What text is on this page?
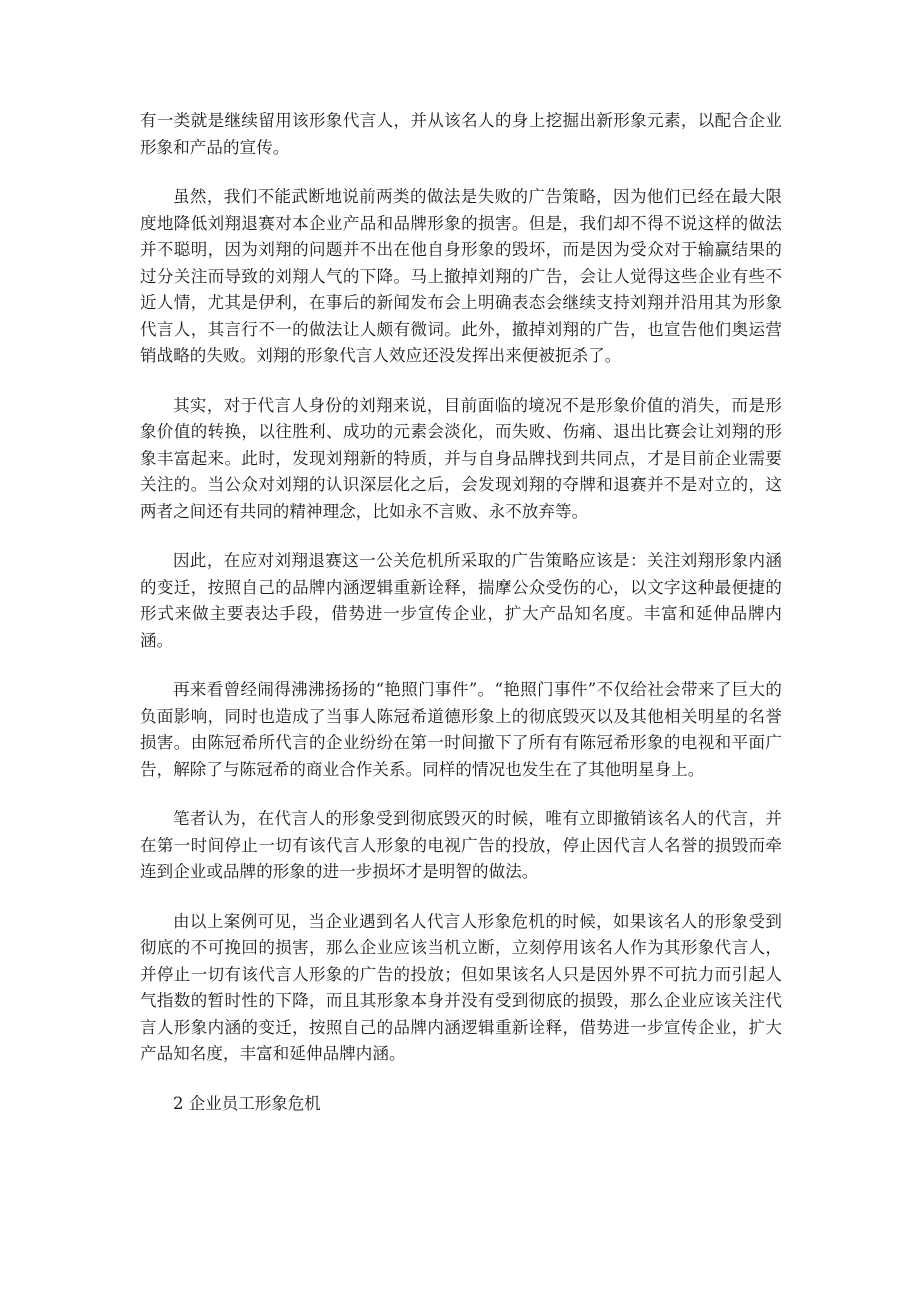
有一类就是继续留用该形象代言人，并从该名人的身上挖掘出新形象元素，以配合企业形象和产品的宣传。

虽然，我们不能武断地说前两类的做法是失败的广告策略，因为他们已经在最大限度地降低刘翔退赛对本企业产品和品牌形象的损害。但是，我们却不得不说这样的做法并不聪明，因为刘翔的问题并不出在他自身形象的毁坏，而是因为受众对于输赢结果的过分关注而导致的刘翔人气的下降。马上撤掉刘翔的广告，会让人觉得这些企业有些不近人情，尤其是伊利，在事后的新闻发布会上明确表态会继续支持刘翔并沿用其为形象代言人，其言行不一的做法让人颇有微词。此外，撤掉刘翔的广告，也宣告他们奥运营销战略的失败。刘翔的形象代言人效应还没发挥出来便被扼杀了。

其实，对于代言人身份的刘翔来说，目前面临的境况不是形象价值的消失，而是形象价值的转换，以往胜利、成功的元素会淡化，而失败、伤痛、退出比赛会让刘翔的形象丰富起来。此时，发现刘翔新的特质，并与自身品牌找到共同点，才是目前企业需要关注的。当公众对刘翔的认识深层化之后，会发现刘翔的夺牌和退赛并不是对立的，这两者之间还有共同的精神理念，比如永不言败、永不放弃等。

因此，在应对刘翔退赛这一公关危机所采取的广告策略应该是：关注刘翔形象内涵的变迁，按照自己的品牌内涵逻辑重新诠释，揣摩公众受伤的心，以文字这种最便捷的形式来做主要表达手段，借势进一步宣传企业，扩大产品知名度。丰富和延伸品牌内涵。

再来看曾经闹得沸沸扬扬的“艳照门事件”。“艳照门事件”不仅给社会带来了巨大的负面影响，同时也造成了当事人陈冠希道德形象上的彻底毁灭以及其他相关明星的名誉损害。由陈冠希所代言的企业纷纷在第一时间撤下了所有有陈冠希形象的电视和平面广告，解除了与陈冠希的商业合作关系。同样的情况也发生在了其他明星身上。

笔者认为，在代言人的形象受到彻底毁灭的时候，唯有立即撤销该名人的代言，并在第一时间停止一切有该代言人形象的电视广告的投放，停止因代言人名誉的损毁而牵连到企业或品牌的形象的进一步损坏才是明智的做法。

由以上案例可见，当企业遇到名人代言人形象危机的时候，如果该名人的形象受到彻底的不可挽回的损害，那么企业应该当机立断，立刻停用该名人作为其形象代言人，并停止一切有该代言人形象的广告的投放；但如果该名人只是因外界不可抗力而引起人气指数的暂时性的下降，而且其形象本身并没有受到彻底的损毁，那么企业应该关注代言人形象内涵的变迁，按照自己的品牌内涵逻辑重新诠释，借势进一步宣传企业，扩大产品知名度，丰富和延伸品牌内涵。

2 企业员工形象危机
